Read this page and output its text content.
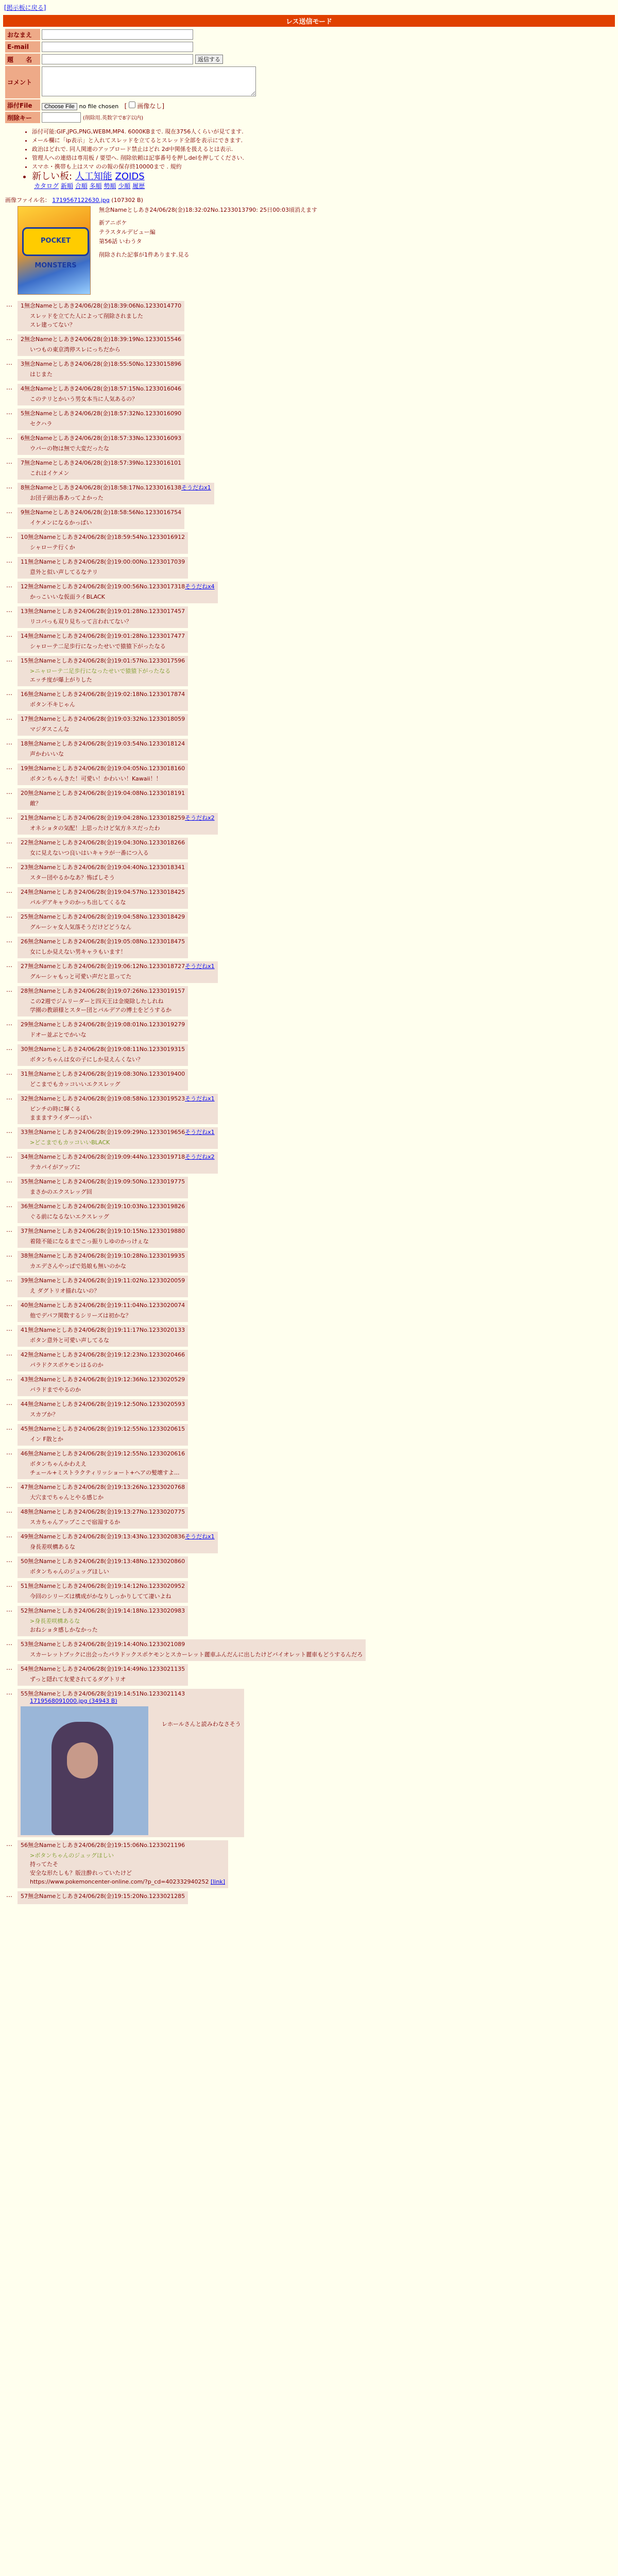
[掲示板に戻る]
レス送信モード
おなまえ	
E-mail	
題　　名	返信する
コメント	
添付File	Choose File no file chosen   [ 画像なし]
削除キー	(削除用.英数字で8字以内)
• 添付可能:GIF,JPG,PNG,WEBM,MP4. 6000KBまで. 現在3756人くらいが見てます.
• メール欄に「ip表示」と入れてスレッドを立てるとスレッド全部を表示にできます.
• 政治はどれで. 同人関連のアップロード禁止はどれ 2d中関係を扱えるとは表示.
• 管理人への連絡は専用板 / 要望へ. 削除依頼は記事番号を押しdelを押してください.
• スマホ・携帯も上はスマ のの報の保存終10000まで . 規約
• 新しい板: 人工知能 ZOIDS
カタログ 新順 合順 多順 勢順 少順 履歴
画像ファイル名： 1719567122630.jpg (107302 B)
POCKET MONSTERS
無念Nameとしあき24/06/28(金)18:32:02No.1233013790: 25日00:03頃消えます
新アニポケ
テラスタルデビュー編
第56話 いわうタ
削除された記事が1件あります.見る
… 1無念Nameとしあき24/06/28(金)18:39:06No.1233014770
スレッドを立てた人によって削除されました
スレ建ってない？
… 2無念Nameとしあき24/06/28(金)18:39:19No.1233015546
いつもの東京湾停スレにっちだから
… 3無念Nameとしあき24/06/28(金)18:55:50No.1233015896
はじまた
… 4無念Nameとしあき24/06/28(金)18:57:15No.1233016046
このテリとかいう男女本当に人気あるの？
… 5無念Nameとしあき24/06/28(金)18:57:32No.1233016090
セクハラ
… 6無念Nameとしあき24/06/28(金)18:57:33No.1233016093
ウパーの物は無で大変だったな
… 7無念Nameとしあき24/06/28(金)18:57:39No.1233016101
これはイケメン
… 8無念Nameとしあき24/06/28(金)18:58:17No.1233016138そうだねx1
お団子頭出番あってよかった
… 9無念Nameとしあき24/06/28(金)18:58:56No.1233016754
イケメンになるかっぱい
… 10無念Nameとしあき24/06/28(金)18:59:54No.1233016912
シャローテ行くか
… 11無念Nameとしあき24/06/28(金)19:00:00No.1233017039
意外と似い声してるなテリ
… 12無念Nameとしあき24/06/28(金)19:00:56No.1233017318そうだねx4
かっこいいな仮面ライBLACK
… 13無念Nameとしあき24/06/28(金)19:01:28No.1233017457
リコパっも双り見ちって言われてない？
… 14無念Nameとしあき24/06/28(金)19:01:28No.1233017477
シャローテ二足歩行になったせいで猿猿下がったなる
… 15無念Nameとしあき24/06/28(金)19:01:57No.1233017596
>ニャローテ二足歩行になったせいで猿猿下がったなる
エッチ度が爆上がりした
… 16無念Nameとしあき24/06/28(金)19:02:18No.1233017874
ボタン不キじゃん
… 17無念Nameとしあき24/06/28(金)19:03:32No.1233018059
マジダスこんな
… 18無念Nameとしあき24/06/28(金)19:03:54No.1233018124
声かわいいな
… 19無念Nameとしあき24/06/28(金)19:04:05No.1233018160
ボタンちゃんきた！可愛い！かわいい！Kawaii！！
… 20無念Nameとしあき24/06/28(金)19:04:08No.1233018191
敵？
… 21無念Nameとしあき24/06/28(金)19:04:28No.1233018259そうだねx2
オネショタの気配！上思ったけど気方ネスだったわ
… 22無念Nameとしあき24/06/28(金)19:04:30No.1233018266
女に見えないつ良いはいキャラが一番につ入る
… 23無念Nameとしあき24/06/28(金)19:04:40No.1233018341
スター団やるかなあ？怖ばしそう
… 24無念Nameとしあき24/06/28(金)19:04:57No.1233018425
パルデアキャラのかっち出してくるな
… 25無念Nameとしあき24/06/28(金)19:04:58No.1233018429
グルーシャ女人気落そうだけどどうなん
… 26無念Nameとしあき24/06/28(金)19:05:08No.1233018475
女にしか見えない男キャラもいます！
… 27無念Nameとしあき24/06/28(金)19:06:12No.1233018727そうだねx1
グルーシャもっと可愛い声だと思ってた
… 28無念Nameとしあき24/06/28(金)19:07:26No.1233019157
この2週でジムリーダーと四天王は金廃除したしれね
学園の教頭様とスター団とパルデアの博士をどうするか
… 29無念Nameとしあき24/06/28(金)19:08:01No.1233019279
ドオー並ぶとでかいな
… 30無念Nameとしあき24/06/28(金)19:08:11No.1233019315
ボタンちゃんは女の子にしか見えんくない？
… 31無念Nameとしあき24/06/28(金)19:08:30No.1233019400
どこまでもカッコいいエクスレッグ
… 32無念Nameとしあき24/06/28(金)19:08:58No.1233019523そうだねx1
ピンチの時に輝くる
ままますライダーっぽい
… 33無念Nameとしあき24/06/28(金)19:09:29No.1233019656そうだねx1
>どこまでもカッコいいBLACK
… 34無念Nameとしあき24/06/28(金)19:09:44No.1233019718そうだねx2
テカパイがアップに
… 35無念Nameとしあき24/06/28(金)19:09:50No.1233019775
まさかのエクスレッグ回
… 36無念Nameとしあき24/06/28(金)19:10:03No.1233019826
ぐる前になるないエクスレッグ
… 37無念Nameとしあき24/06/28(金)19:10:15No.1233019880
着陸不能になるまでこっ振りしゆのかっけぇな
… 38無念Nameとしあき24/06/28(金)19:10:28No.1233019935
カエデさんやっぱで処娘も無いのかな
… 39無念Nameとしあき24/06/28(金)19:11:02No.1233020059
え ダグトリオ描れないの？
… 40無念Nameとしあき24/06/28(金)19:11:04No.1233020074
他でデパフ関数するシリーズは初かな？
… 41無念Nameとしあき24/06/28(金)19:11:17No.1233020133
ボタン意外と可愛い声してるな
… 42無念Nameとしあき24/06/28(金)19:12:23No.1233020466
パラドクスポケモンはるのか
… 43無念Nameとしあき24/06/28(金)19:12:36No.1233020529
バラドまでやるのか
… 44無念Nameとしあき24/06/28(金)19:12:50No.1233020593
スカブか？
… 45無念Nameとしあき24/06/28(金)19:12:55No.1233020615
イン F散とか
… 46無念Nameとしあき24/06/28(金)19:12:55No.1233020616
ボタンちゃんかわええ
チェール+ミストラクティリッショート+へアの髪壊すよ...
… 47無念Nameとしあき24/06/28(金)19:13:26No.1233020768
大穴までちゃんとやる感じか
… 48無念Nameとしあき24/06/28(金)19:13:27No.1233020775
スカちゃんアップここで宿湯するか
… 49無念Nameとしあき24/06/28(金)19:13:43No.1233020836そうだねx1
身長差咲構あるな
… 50無念Nameとしあき24/06/28(金)19:13:48No.1233020860
ボタンちゃんのジュッグほしい
… 51無念Nameとしあき24/06/28(金)19:14:12No.1233020952
今回のシリーズは構成がかなりしっかりしてて凄いよね
… 52無念Nameとしあき24/06/28(金)19:14:18No.1233020983
>身長差咲構あるな
おねショタ感しかなかった
… 53無念Nameとしあき24/06/28(金)19:14:40No.1233021089
スカーレットブックに出会ったパラドックスポケモンとスカーレット麗車ふんだんに出したけどバイオレット麗車もどうするんだろ
… 54無念Nameとしあき24/06/28(金)19:14:49No.1233021135
ずっと隠れて友愛されてるダグトリオ
… 55無念Nameとしあき24/06/28(金)19:14:51No.1233021143
1719568091000.jpg (34943 B)
レホールさんと読みわなさそう
… 56無念Nameとしあき24/06/28(金)19:15:06No.1233021196
>ボタンちゃんのジュッグほしい
持ってたそ
安全な形たしも？版注酔れっていたけど
https://www.pokemoncenter-online.com/?p_cd=402332940252 [link]
… 57無念Nameとしあき24/06/28(金)19:15:20No.1233021285
